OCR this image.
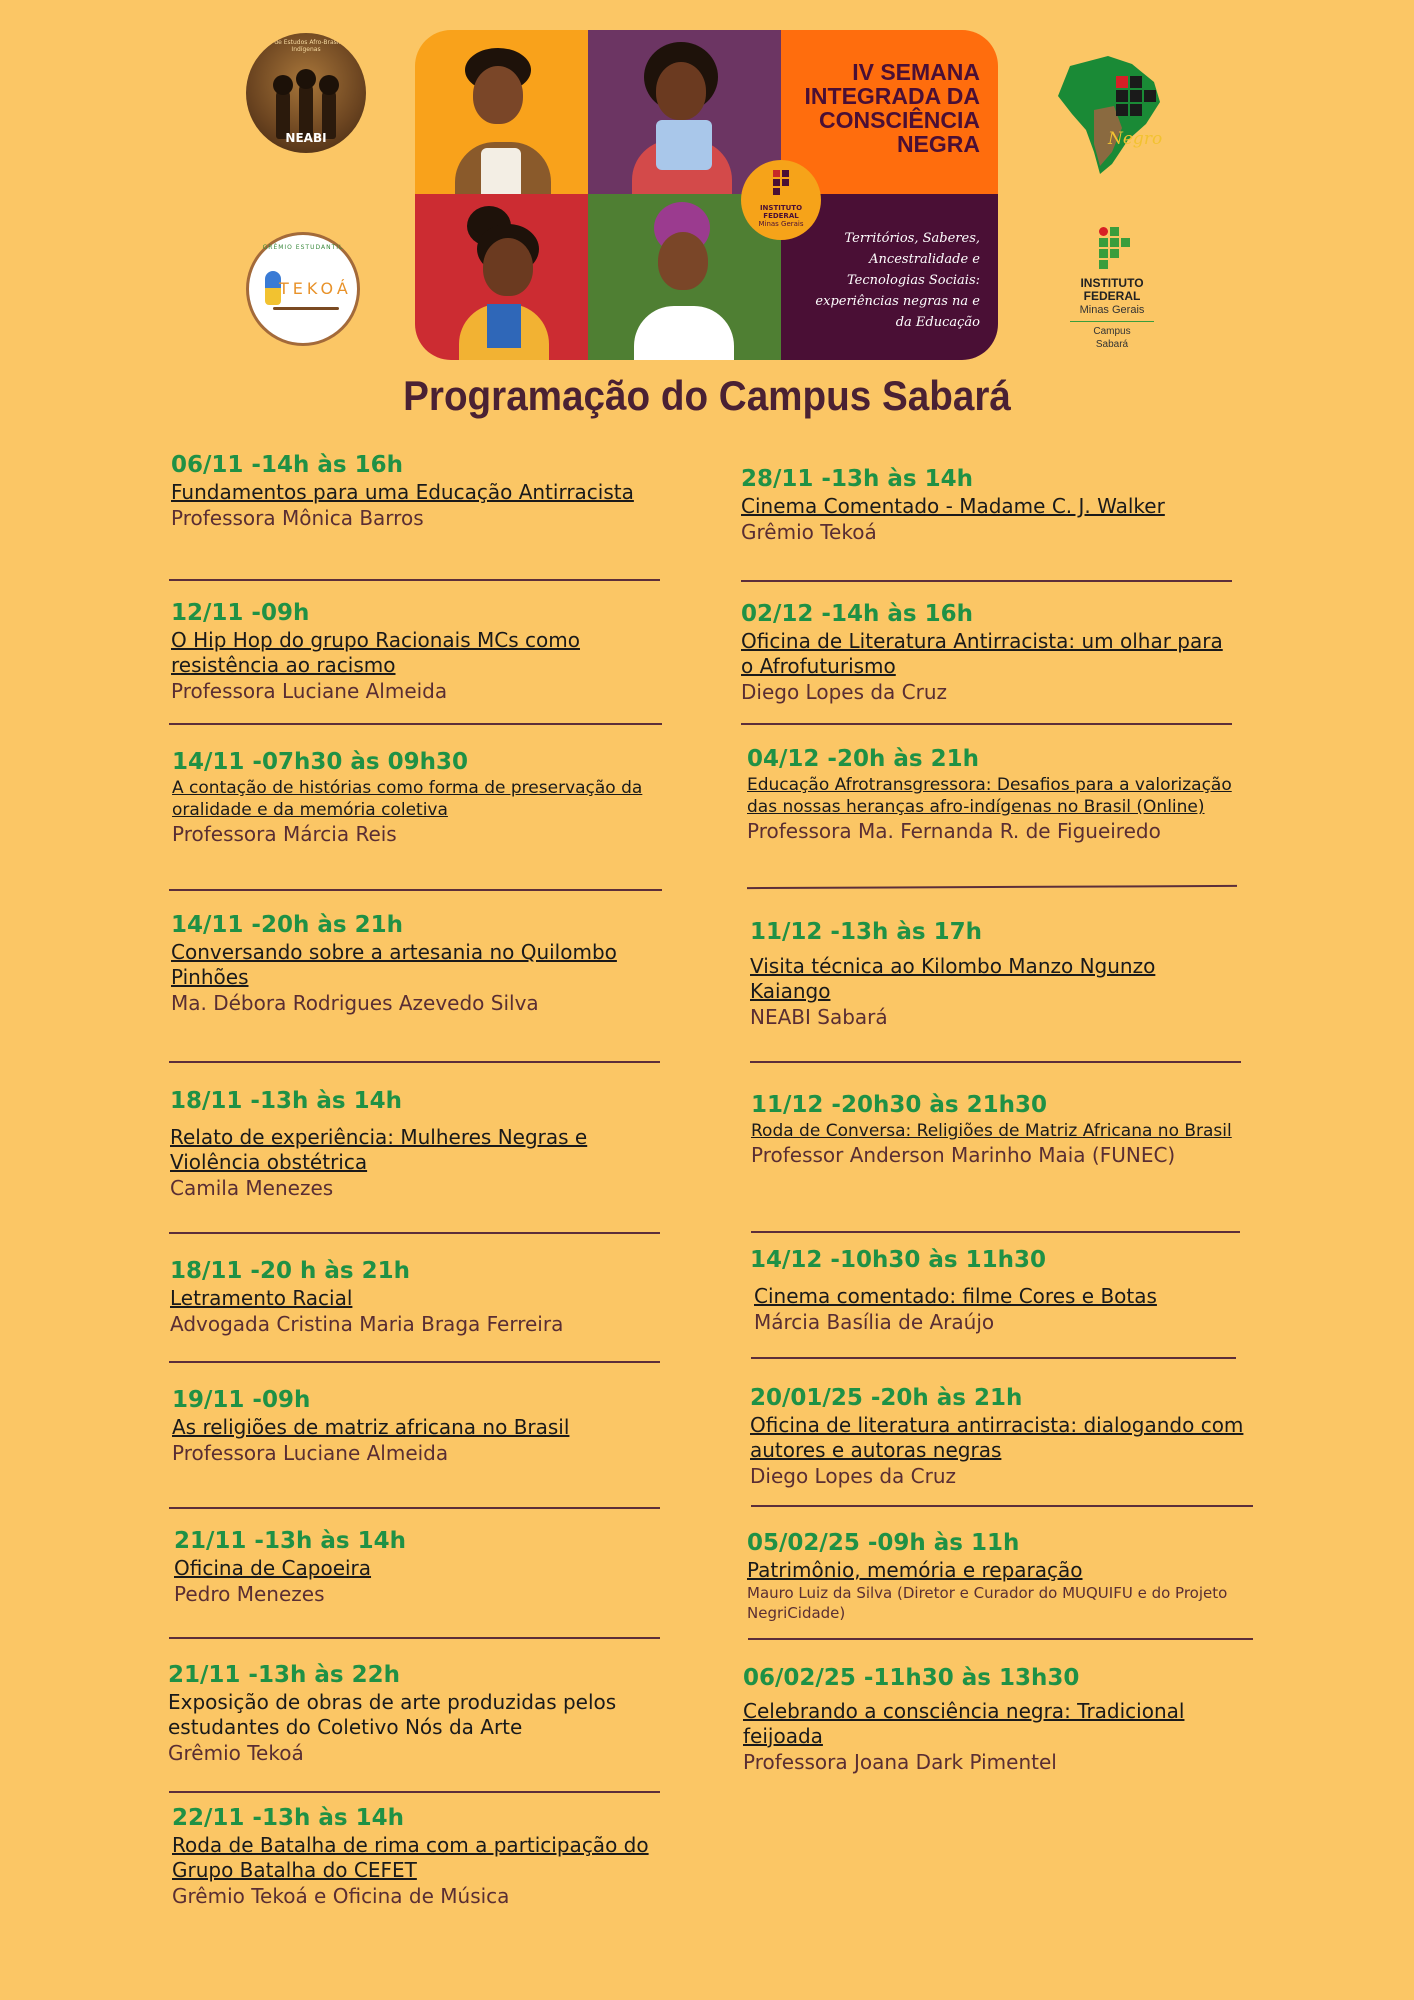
Núcleo de Estudos Afro-Brasileiros e Indígenas
NEABI
GRÊMIO ESTUDANTIL
TEKOÁ
IV SEMANA
INTEGRADA DA
CONSCIÊNCIA
NEGRA
Territórios, Saberes,
Ancestralidade e
Tecnologias Sociais:
experiências negras na e
da Educação
INSTITUTO
FEDERAL
Minas Gerais
Negro
INSTITUTO
FEDERAL
Minas Gerais
Campus
Sabará
Programação do Campus Sabará
06/11 -14h às 16h
Fundamentos para uma Educação Antirracista
Professora Mônica Barros
12/11 -09h
O Hip Hop do grupo Racionais MCs como resistência ao racismo
Professora Luciane Almeida
14/11 -07h30 às 09h30
A contação de histórias como forma de preservação da oralidade e da memória coletiva
Professora Márcia Reis
14/11 -20h às 21h
Conversando sobre a artesania no Quilombo Pinhões
Ma. Débora Rodrigues Azevedo Silva
18/11 -13h às 14h
Relato de experiência: Mulheres Negras e Violência obstétrica
Camila Menezes
18/11 -20 h às 21h
Letramento Racial
Advogada Cristina Maria Braga Ferreira
19/11 -09h
As religiões de matriz africana no Brasil
Professora Luciane Almeida
21/11 -13h às 14h
Oficina de Capoeira
Pedro Menezes
21/11 -13h às 22h
Exposição de obras de arte produzidas pelos estudantes do Coletivo Nós da Arte
Grêmio Tekoá
22/11 -13h às 14h
Roda de Batalha de rima com a participação do Grupo Batalha do CEFET
Grêmio Tekoá e Oficina de Música
28/11 -13h às 14h
Cinema Comentado - Madame C. J. Walker
Grêmio Tekoá
02/12 -14h às 16h
Oficina de Literatura Antirracista: um olhar para o Afrofuturismo
Diego Lopes da Cruz
04/12 -20h às 21h
Educação Afrotransgressora: Desafios para a valorização das nossas heranças afro-indígenas no Brasil (Online)
Professora Ma. Fernanda R. de Figueiredo
11/12 -13h às 17h
Visita técnica ao Kilombo Manzo Ngunzo Kaiango
NEABI Sabará
11/12 -20h30 às 21h30
Roda de Conversa: Religiões de Matriz Africana no Brasil
Professor Anderson Marinho Maia (FUNEC)
14/12 -10h30 às 11h30
Cinema comentado: filme Cores e Botas
Márcia Basília de Araújo
20/01/25 -20h às 21h
Oficina de literatura antirracista: dialogando com autores e autoras negras
Diego Lopes da Cruz
05/02/25 -09h às 11h
Patrimônio, memória e reparação
Mauro Luiz da Silva (Diretor e Curador do MUQUIFU e do Projeto NegriCidade)
06/02/25 -11h30 às 13h30
Celebrando a consciência negra: Tradicional feijoada
Professora Joana Dark Pimentel
